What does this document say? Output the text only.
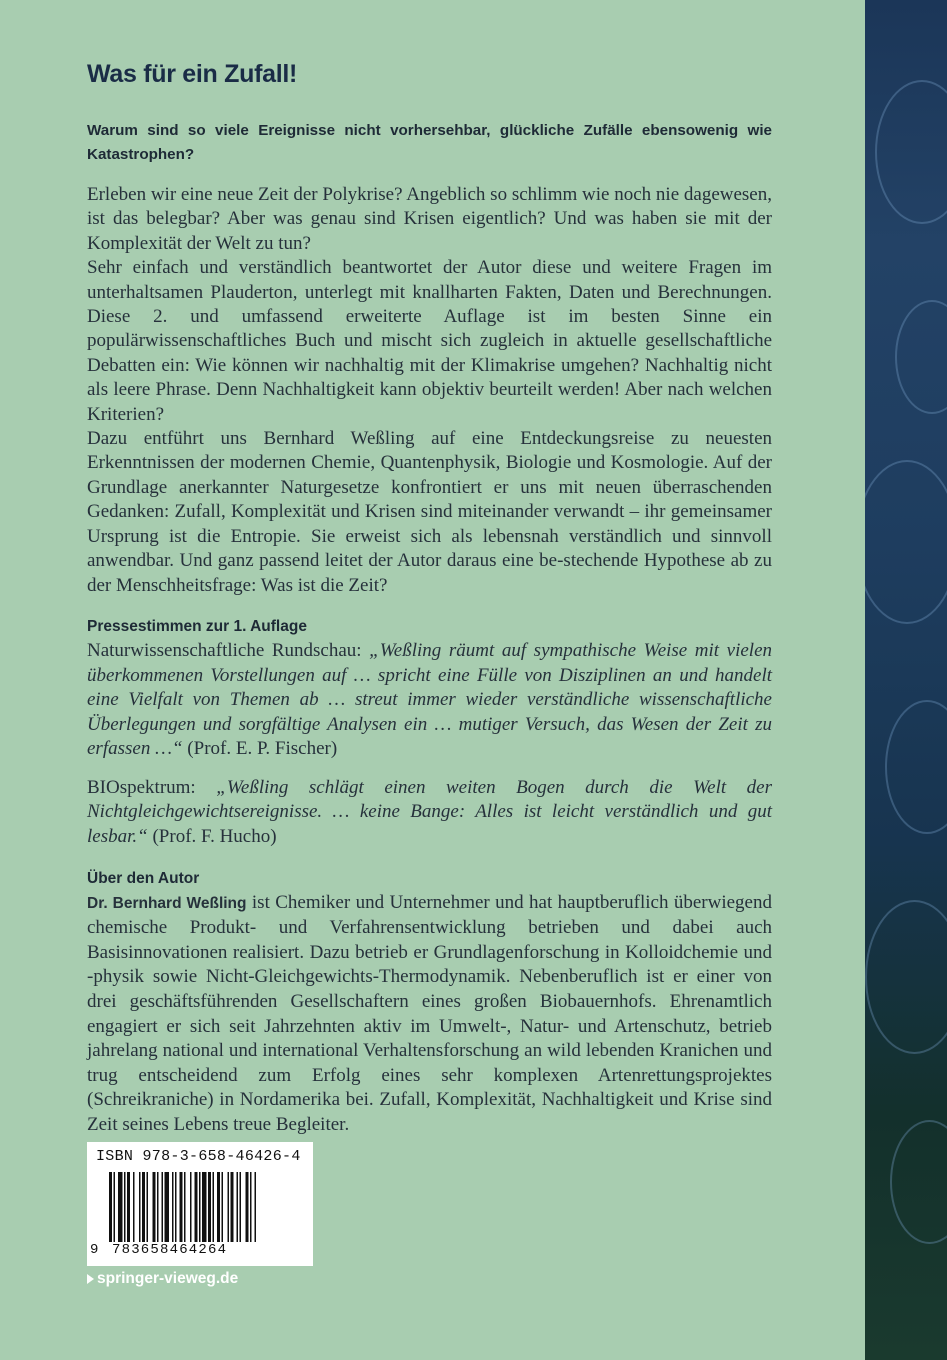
Was für ein Zufall!

Warum sind so viele Ereignisse nicht vorhersehbar, glückliche Zufälle ebensowenig wie Katastrophen?

Erleben wir eine neue Zeit der Polykrise? Angeblich so schlimm wie noch nie dagewesen, ist das belegbar? Aber was genau sind Krisen eigentlich? Und was haben sie mit der Komplexität der Welt zu tun?

Sehr einfach und verständlich beantwortet der Autor diese und weitere Fragen im unterhaltsamen Plauderton, unterlegt mit knallharten Fakten, Daten und Berechnungen. Diese 2. und umfassend erweiterte Auflage ist im besten Sinne ein populärwissenschaftliches Buch und mischt sich zugleich in aktuelle gesellschaftliche Debatten ein: Wie können wir nachhaltig mit der Klimakrise umgehen? Nachhaltig nicht als leere Phrase. Denn Nachhaltigkeit kann objektiv beurteilt werden! Aber nach welchen Kriterien?

Dazu entführt uns Bernhard Weßling auf eine Entdeckungsreise zu neuesten Erkenntnissen der modernen Chemie, Quantenphysik, Biologie und Kosmologie. Auf der Grundlage anerkannter Naturgesetze konfrontiert er uns mit neuen überraschenden Gedanken: Zufall, Komplexität und Krisen sind miteinander verwandt – ihr gemeinsamer Ursprung ist die Entropie. Sie erweist sich als lebensnah verständlich und sinnvoll anwendbar. Und ganz passend leitet der Autor daraus eine be-stechende Hypothese ab zu der Menschheitsfrage: Was ist die Zeit?

Pressestimmen zur 1. Auflage

Naturwissenschaftliche Rundschau: „Weßling räumt auf sympathische Weise mit vielen überkommenen Vorstellungen auf … spricht eine Fülle von Disziplinen an und handelt eine Vielfalt von Themen ab … streut immer wieder verständliche wissenschaftliche Überlegungen und sorgfältige Analysen ein … mutiger Versuch, das Wesen der Zeit zu erfassen …“ (Prof. E. P. Fischer)

BIOspektrum: „Weßling schlägt einen weiten Bogen durch die Welt der Nichtgleichgewichtsereignisse. … keine Bange: Alles ist leicht verständlich und gut lesbar.“ (Prof. F. Hucho)

Über den Autor

Dr. Bernhard Weßling ist Chemiker und Unternehmer und hat hauptberuflich überwiegend chemische Produkt- und Verfahrensentwicklung betrieben und dabei auch Basisinnovationen realisiert. Dazu betrieb er Grundlagenforschung in Kolloidchemie und -physik sowie Nicht-Gleichgewichts-Thermodynamik. Nebenberuflich ist er einer von drei geschäftsführenden Gesellschaftern eines großen Biobauernhofs. Ehrenamtlich engagiert er sich seit Jahrzehnten aktiv im Umwelt-, Natur- und Artenschutz, betrieb jahrelang national und international Verhaltensforschung an wild lebenden Kranichen und trug entscheidend zum Erfolg eines sehr komplexen Artenrettungsprojektes (Schreikraniche) in Nordamerika bei. Zufall, Komplexität, Nachhaltigkeit und Krise sind Zeit seines Lebens treue Begleiter.

ISBN 978-3-658-46426-4
9 783658464264
springer-vieweg.de
